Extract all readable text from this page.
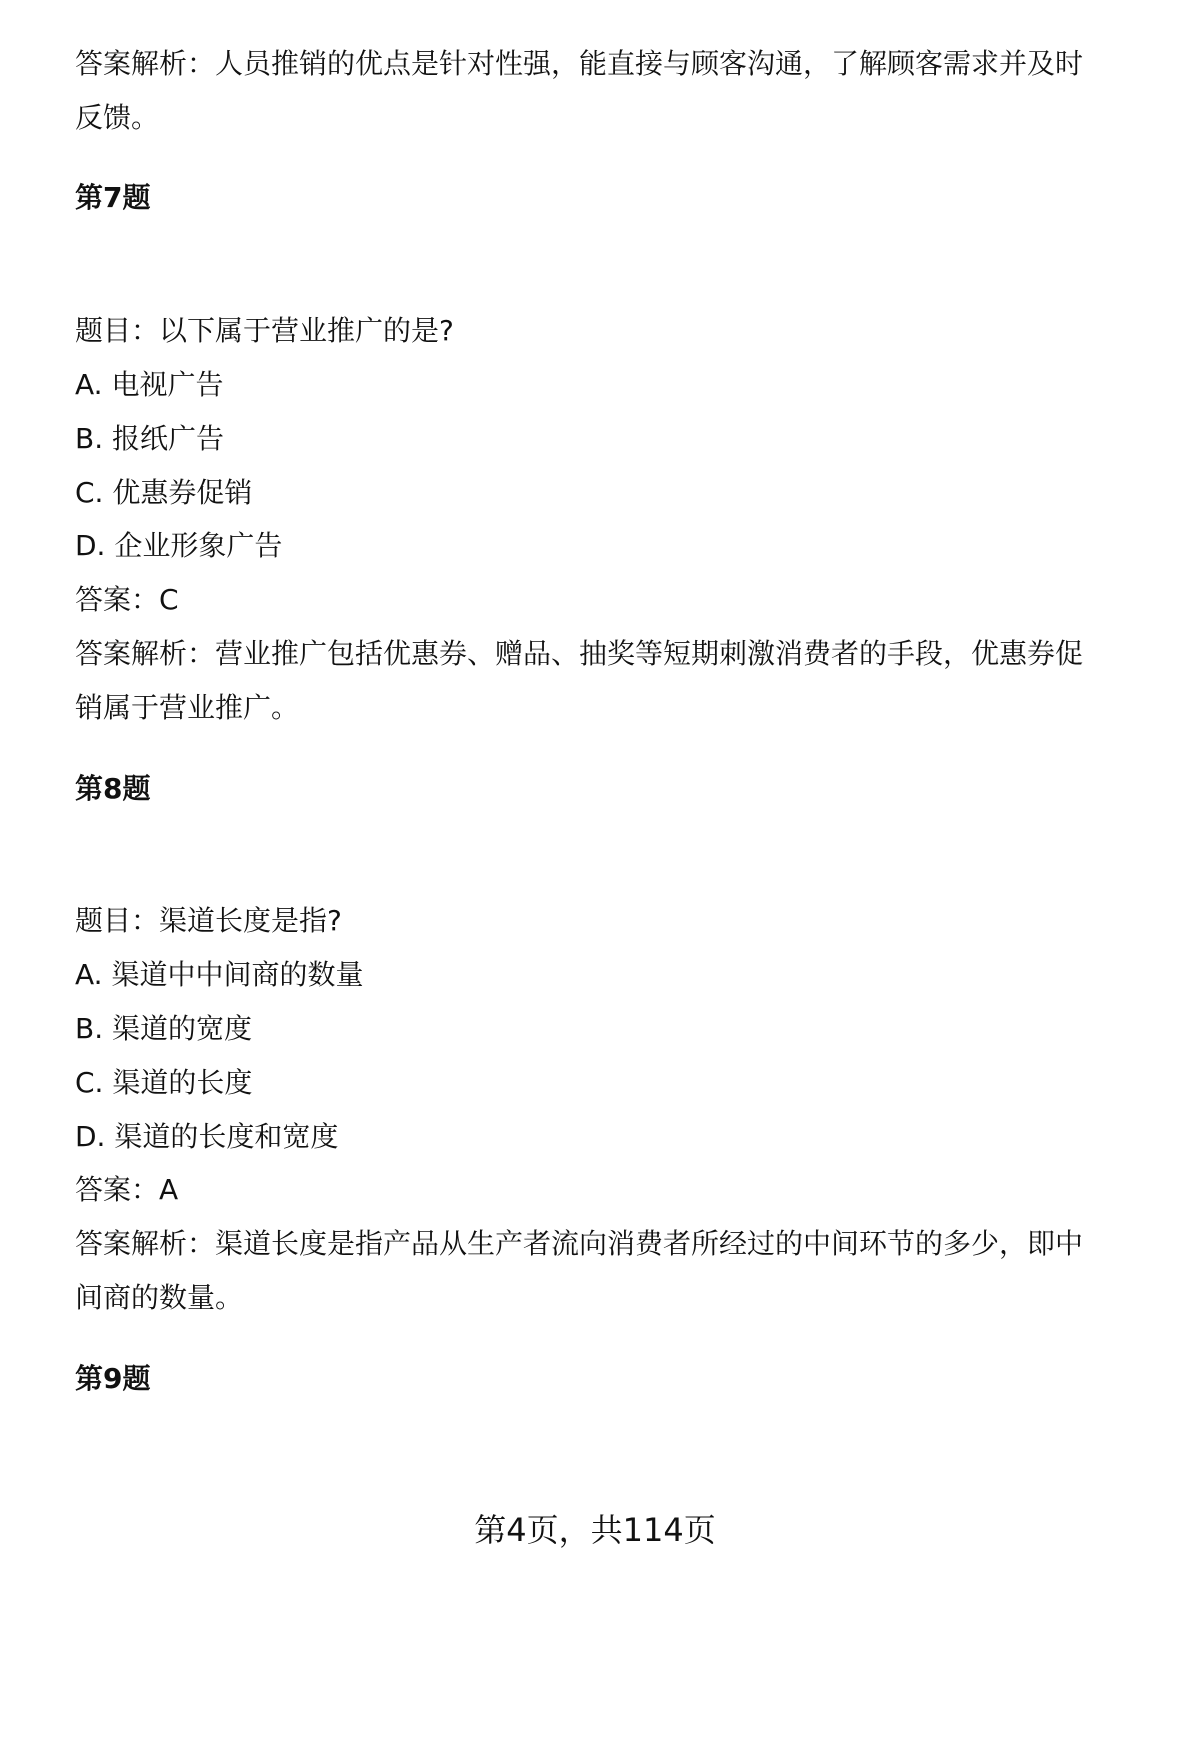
答案解析：人员推销的优点是针对性强，能直接与顾客沟通，了解顾客需求并及时
反馈。
第7题
题目：以下属于营业推广的是?
A. 电视广告
B. 报纸广告
C. 优惠券促销
D. 企业形象广告
答案：C
答案解析：营业推广包括优惠券、赠品、抽奖等短期刺激消费者的手段，优惠券促
销属于营业推广。
第8题
题目：渠道长度是指?
A. 渠道中中间商的数量
B. 渠道的宽度
C. 渠道的长度
D. 渠道的长度和宽度
答案：A
答案解析：渠道长度是指产品从生产者流向消费者所经过的中间环节的多少，即中
间商的数量。
第9题
第4页，共114页
